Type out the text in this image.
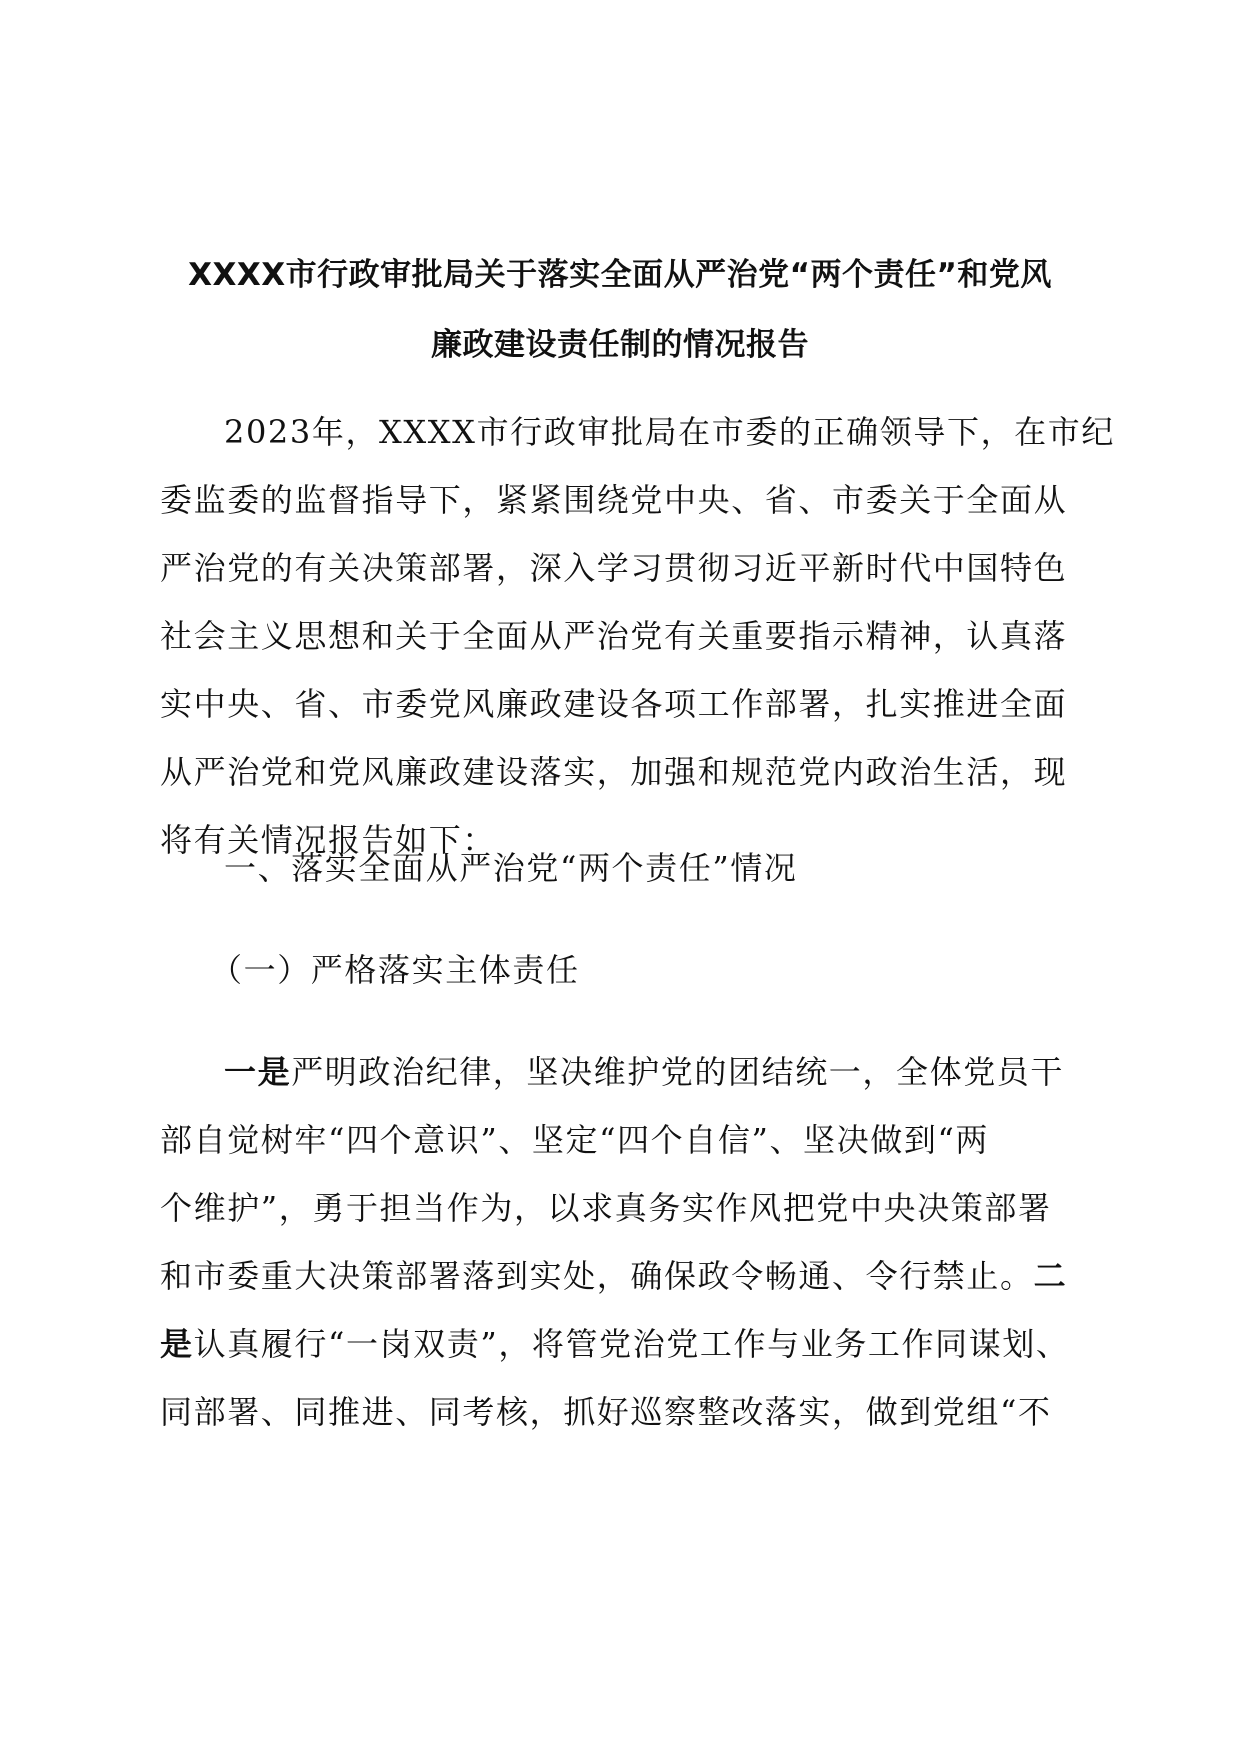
XXXX市行政审批局关于落实全面从严治党“两个责任”和党风
廉政建设责任制的情况报告
2023年，XXXX市行政审批局在市委的正确领导下，在市纪
委监委的监督指导下，紧紧围绕党中央、省、市委关于全面从
严治党的有关决策部署，深入学习贯彻习近平新时代中国特色
社会主义思想和关于全面从严治党有关重要指示精神，认真落
实中央、省、市委党风廉政建设各项工作部署，扎实推进全面
从严治党和党风廉政建设落实，加强和规范党内政治生活，现
将有关情况报告如下：
一、落实全面从严治党“两个责任”情况
（一）严格落实主体责任
一是严明政治纪律，坚决维护党的团结统一，全体党员干
部自觉树牢“四个意识”、坚定“四个自信”、坚决做到“两
个维护”，勇于担当作为，以求真务实作风把党中央决策部署
和市委重大决策部署落到实处，确保政令畅通、令行禁止。二
是认真履行“一岗双责”，将管党治党工作与业务工作同谋划、
同部署、同推进、同考核，抓好巡察整改落实，做到党组“不
